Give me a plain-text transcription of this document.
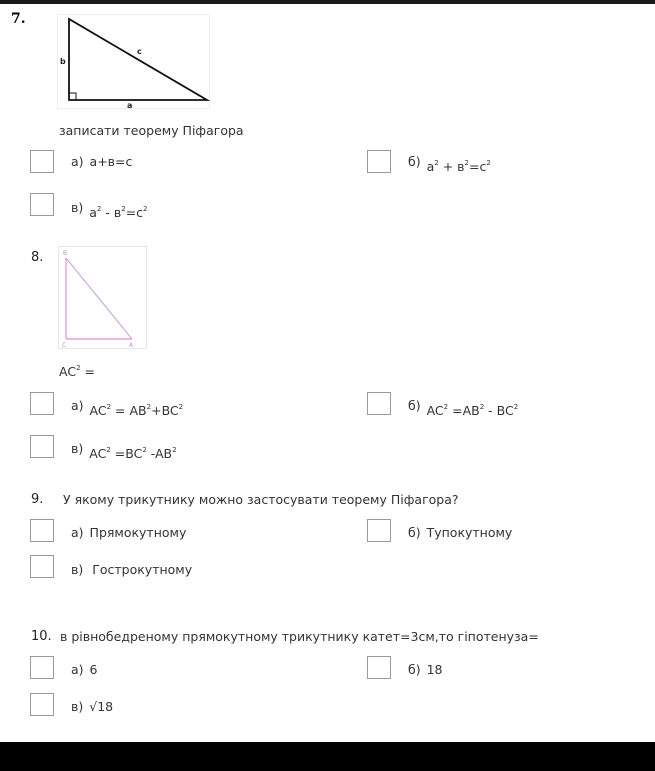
7.
b
c
a
записати теорему Піфагора
а) а+в=с	б) $а^2 + в^2=с^2$
в) $а^2 - в^2=с^2$
8.	B
C	A
$AC^2$ =
а) $AC^2 = AB^2+BC^2$	б) $AC^2 =AB^2 - BC^2$
в) $AC^2 =BC^2$ $-AB^2$
9. У якому трикутнику можно застосувати теорему Піфагора?
а) Прямокутному	б) Тупокутному
в) Гострокутному
10. в рівнобедреному прямокутному трикутнику катет=3см,то гіпотенуза=
а) 6	б) 18
в) √18
